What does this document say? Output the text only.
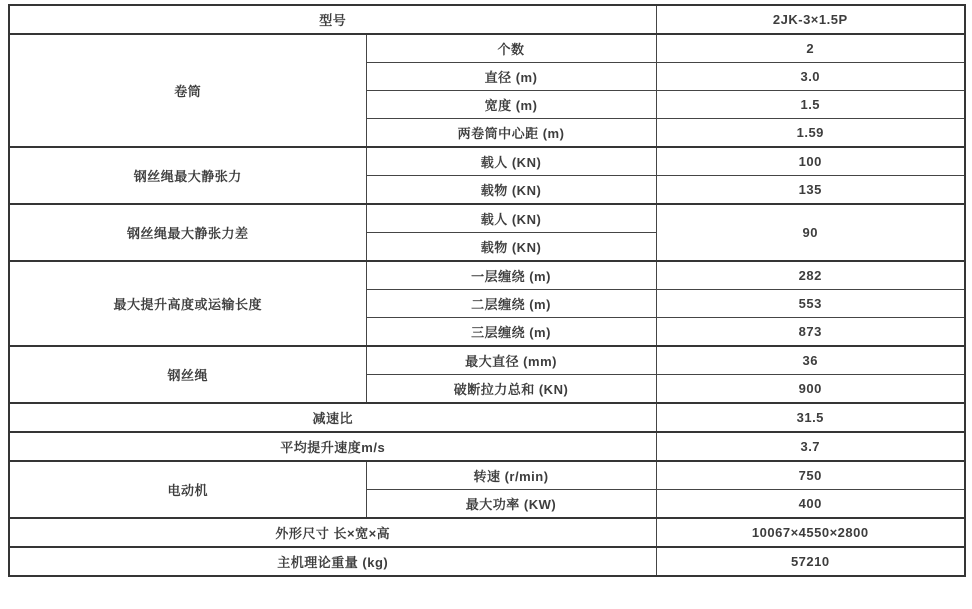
型号		2JK-3×1.5P
卷筒	个数	2
	直径 (m)	3.0
	宽度 (m)	1.5
	两卷筒中心距 (m)	1.59
钢丝绳最大静张力	载人 (KN)	100
	载物 (KN)	135
钢丝绳最大静张力差	载人 (KN)	90
	载物 (KN)	
最大提升高度或运输长度	一层缠绕 (m)	282
	二层缠绕 (m)	553
	三层缠绕 (m)	873
钢丝绳	最大直径 (mm)	36
	破断拉力总和 (KN)	900
减速比		31.5
平均提升速度m/s		3.7
电动机	转速 (r/min)	750
	最大功率 (KW)	400
外形尺寸 长×宽×高		10067×4550×2800
主机理论重量 (kg)		57210
